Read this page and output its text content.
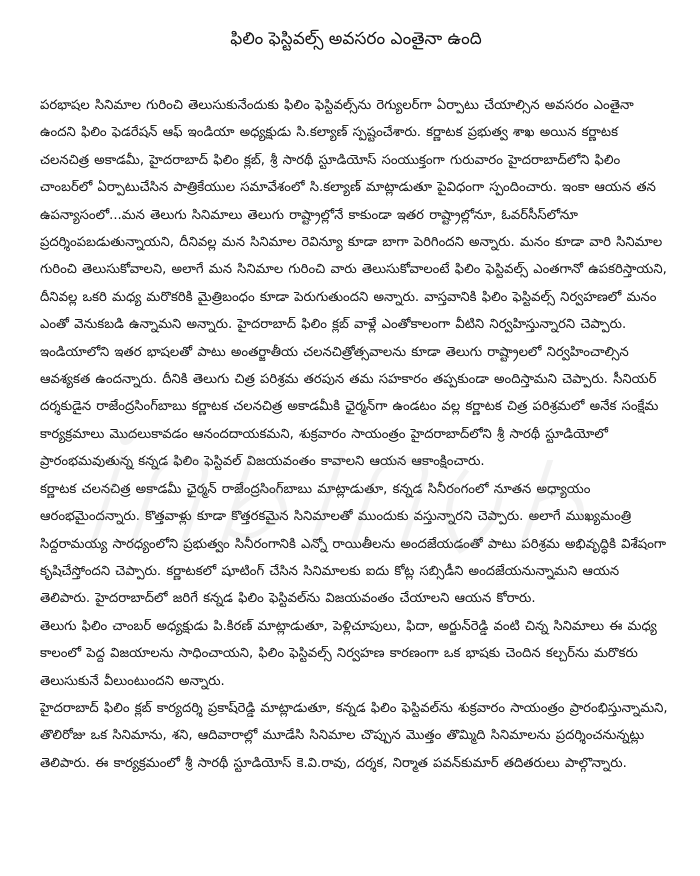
ఫిలిం ఫెస్టివల్స్ అవసరం ఎంతైనా ఉంది

పరభాషల సినిమాల గురించి తెలుసుకునేందుకు ఫిలిం ఫెస్టివల్స్‌ను రెగ్యులర్‌గా ఏర్పాటు చేయాల్సిన అవసరం ఎంతైనా ఉందని ఫిలిం ఫెడరేషన్ ఆఫ్ ఇండియా అధ్యక్షుడు సి.కల్యాణ్ స్పష్టంచేశారు. కర్ణాటక ప్రభుత్వ శాఖ అయిన కర్ణాటక చలనచిత్ర అకాడమీ, హైదరాబాద్ ఫిలిం క్లబ్, శ్రీ సారథీ స్టూడియోస్ సంయుక్తంగా గురువారం హైదరాబాద్‌లోని ఫిలిం చాంబర్‌లో ఏర్పాటుచేసిన పాత్రికేయుల సమావేశంలో సి.కల్యాణ్ మాట్లాడుతూ పైవిధంగా స్పందించారు. ఇంకా ఆయన తన ఉపన్యాసంలో...మన తెలుగు సినిమాలు తెలుగు రాష్ట్రాల్లోనే కాకుండా ఇతర రాష్ట్రాల్లోనూ, ఓవర్‌సీస్‌లోనూ ప్రదర్శింపబడుతున్నాయని, దీనివల్ల మన సినిమాల రెవిన్యూ కూడా బాగా పెరిగిందని అన్నారు. మనం కూడా వారి సినిమాల గురించి తెలుసుకోవాలని, అలాగే మన సినిమాల గురించి వారు తెలుసుకోవాలంటే ఫిలిం ఫెస్టివల్స్ ఎంతగానో ఉపకరిస్తాయని, దీనివల్ల ఒకరి మధ్య మరొకరికి మైత్రిబంధం కూడా పెరుగుతుందని అన్నారు. వాస్తవానికి ఫిలిం ఫెస్టివల్స్ నిర్వహణలో మనం ఎంతో వెనుకబడి ఉన్నామని అన్నారు. హైదరాబాద్ ఫిలిం క్లబ్ వాళ్లే ఎంతోకాలంగా వీటిని నిర్వహిస్తున్నారని చెప్పారు. ఇండియాలోని ఇతర భాషలతో పాటు అంతర్జాతీయ చలనచిత్రోత్సవాలను కూడా తెలుగు రాష్ట్రాలలో నిర్వహించాల్సిన ఆవశ్యకత ఉందన్నారు. దీనికి తెలుగు చిత్ర పరిశ్రమ తరపున తమ సహకారం తప్పకుండా అందిస్తామని చెప్పారు. సీనియర్ దర్శకుడైన రాజేంద్రసింగ్‌బాబు కర్ణాటక చలనచిత్ర అకాడమీకి ఛైర్మన్‌గా ఉండటం వల్ల కర్ణాటక చిత్ర పరిశ్రమలో అనేక సంక్షేమ కార్యక్రమాలు మొదలుకావడం ఆనందదాయకమని, శుక్రవారం సాయంత్రం హైదరాబాద్‌లోని శ్రీ సారథీ స్టూడియోలో ప్రారంభమవుతున్న కన్నడ ఫిలిం ఫెస్టివల్ విజయవంతం కావాలని ఆయన ఆకాంక్షించారు.

కర్ణాటక చలనచిత్ర అకాడమీ ఛైర్మన్ రాజేంద్రసింగ్‌బాబు మాట్లాడుతూ, కన్నడ సినీరంగంలో నూతన అధ్యాయం ఆరంభమైందన్నారు. కొత్తవాళ్లు కూడా కొత్తరకమైన సినిమాలతో ముందుకు వస్తున్నారని చెప్పారు. అలాగే ముఖ్యమంత్రి సిద్దరామయ్య సారధ్యంలోని ప్రభుత్వం సినీరంగానికి ఎన్నో రాయితీలను అందజేయడంతో పాటు పరిశ్రమ అభివృద్ధికి విశేషంగా కృషిచేస్తోందని చెప్పారు. కర్ణాటకలో షూటింగ్ చేసిన సినిమాలకు ఐదు కోట్ల సబ్సిడీని అందజేయనున్నామని ఆయన తెలిపారు. హైదరాబాద్‌లో జరిగే కన్నడ ఫిలిం ఫెస్టివల్‌ను విజయవంతం చేయాలని ఆయన కోరారు.

తెలుగు ఫిలిం చాంబర్ అధ్యక్షుడు పి.కిరణ్ మాట్లాడుతూ, పెళ్లిచూపులు, ఫిదా, అర్జున్‌రెడ్డి వంటి చిన్న సినిమాలు ఈ మధ్య కాలంలో పెద్ద విజయాలను సాధించాయని, ఫిలిం ఫెస్టివల్స్ నిర్వహణ కారణంగా ఒక భాషకు చెందిన కల్చర్‌ను మరొకరు తెలుసుకునే వీలుంటుందని అన్నారు.

హైదరాబాద్ ఫిలిం క్లబ్ కార్యదర్శి ప్రకాష్‌రెడ్డి మాట్లాడుతూ, కన్నడ ఫిలిం ఫెస్టివల్‌ను శుక్రవారం సాయంత్రం ప్రారంభిస్తున్నామని, తొలిరోజు ఒక సినిమాను, శని, ఆదివారాల్లో మూడేసి సినిమాల చొప్పున మొత్తం తొమ్మిది సినిమాలను ప్రదర్శించనున్నట్లు తెలిపారు. ఈ కార్యక్రమంలో శ్రీ సారథీ స్టూడియోస్ కె.వి.రావు, దర్శక, నిర్మాత పవన్‌కుమార్ తదితరులు పాల్గొన్నారు.
